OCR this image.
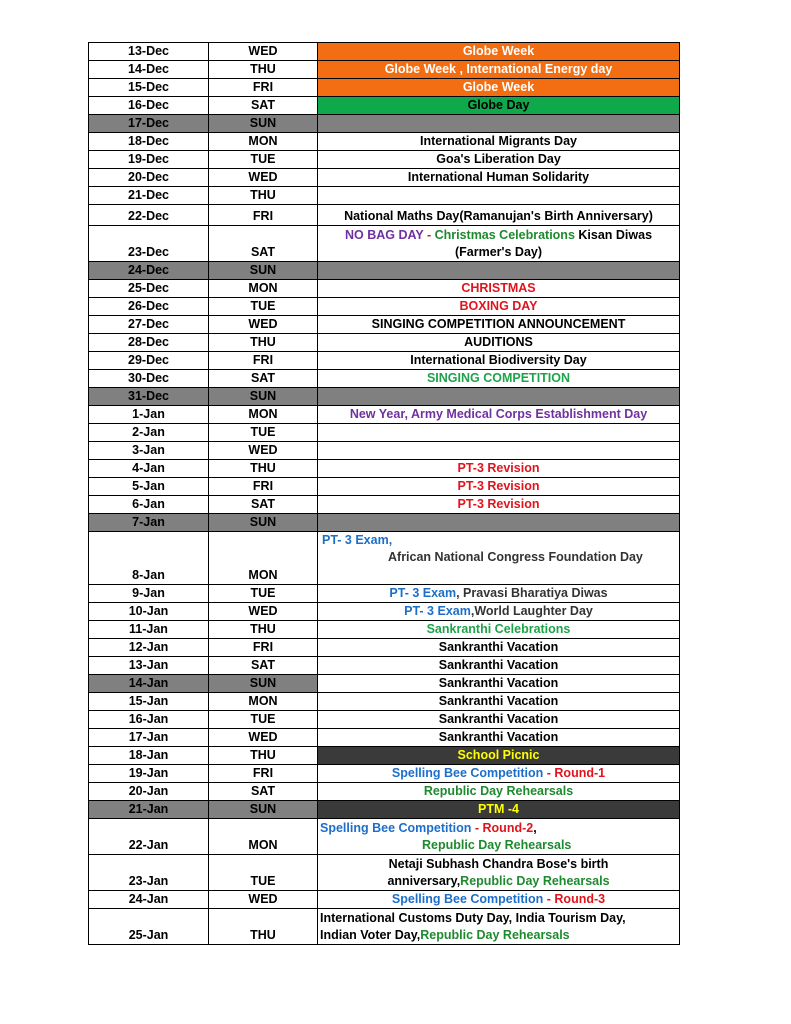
13-Dec	WED	Globe Week
14-Dec	THU	Globe Week , International Energy day
15-Dec	FRI	Globe Week
16-Dec	SAT	Globe Day
17-Dec	SUN	
18-Dec	MON	International Migrants Day
19-Dec	TUE	Goa's Liberation Day
20-Dec	WED	International Human Solidarity
21-Dec	THU	
22-Dec	FRI	National Maths Day(Ramanujan's Birth Anniversary)
23-Dec	SAT	NO BAG DAY - Christmas Celebrations Kisan Diwas
(Farmer's Day)
24-Dec	SUN	
25-Dec	MON	CHRISTMAS
26-Dec	TUE	BOXING DAY
27-Dec	WED	SINGING COMPETITION ANNOUNCEMENT
28-Dec	THU	AUDITIONS
29-Dec	FRI	International Biodiversity Day
30-Dec	SAT	SINGING COMPETITION
31-Dec	SUN	
1-Jan	MON	New Year, Army Medical Corps Establishment Day
2-Jan	TUE	
3-Jan	WED	
4-Jan	THU	PT-3 Revision
5-Jan	FRI	PT-3 Revision
6-Jan	SAT	PT-3 Revision
7-Jan	SUN	
8-Jan	MON	PT- 3 Exam,
African National Congress Foundation Day

9-Jan	TUE	PT- 3 Exam, Pravasi Bharatiya Diwas
10-Jan	WED	PT- 3 Exam,World Laughter Day
11-Jan	THU	Sankranthi Celebrations
12-Jan	FRI	Sankranthi Vacation
13-Jan	SAT	Sankranthi Vacation
14-Jan	SUN	Sankranthi Vacation
15-Jan	MON	Sankranthi Vacation
16-Jan	TUE	Sankranthi Vacation
17-Jan	WED	Sankranthi Vacation
18-Jan	THU	School Picnic
19-Jan	FRI	Spelling Bee Competition - Round-1
20-Jan	SAT	Republic Day Rehearsals
21-Jan	SUN	PTM -4
22-Jan	MON	Spelling Bee Competition - Round-2,
Republic Day Rehearsals

23-Jan	TUE	Netaji Subhash Chandra Bose's birth
anniversary,Republic Day Rehearsals

24-Jan	WED	Spelling Bee Competition - Round-3
25-Jan	THU	International Customs Duty Day, India Tourism Day,
Indian Voter Day,Republic Day Rehearsals
